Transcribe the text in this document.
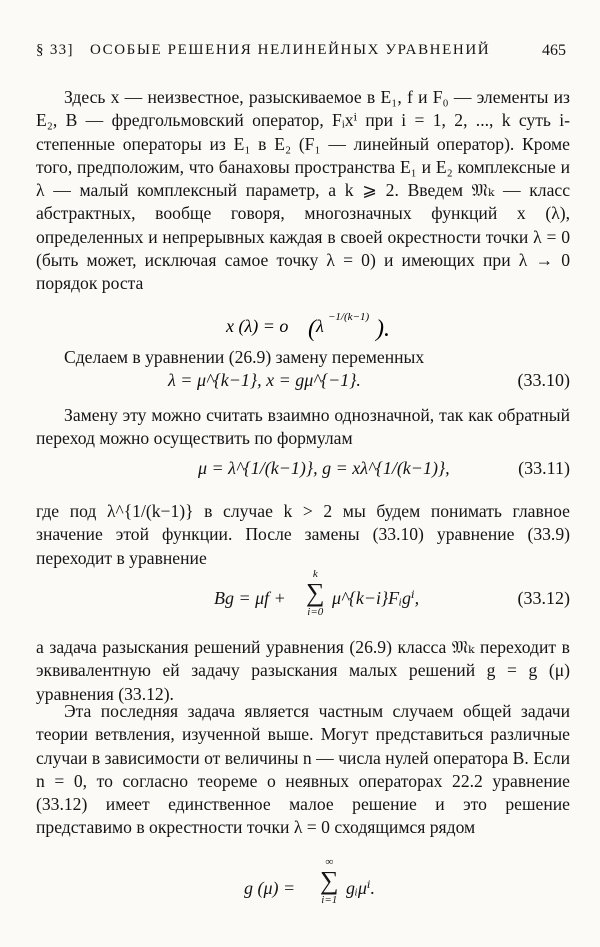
§ 33] ОСОБЫЕ РЕШЕНИЯ НЕЛИНЕЙНЫХ УРАВНЕНИЙ	465
Здесь x — неизвестное, разыскиваемое в E₁, f и F₀ — элементы из E₂, B — фредгольмовский оператор, Fᵢxⁱ при i = 1, 2, ..., k суть i-степенные операторы из E₁ в E₂ (F₁ — линейный оператор). Кроме того, предположим, что банаховы пространства E₁ и E₂ комплексные и λ — малый комплексный параметр, а k ⩾ 2. Введем 𝔐ₖ — класс абстрактных, вообще говоря, многозначных функций x (λ), определенных и непрерывных каждая в своей окрестности точки λ = 0 (быть может, исключая самое точку λ = 0) и имеющих при λ → 0 порядок роста
x (λ) = o ( λ −1/(k−1) ).
Сделаем в уравнении (26.9) замену переменных
λ = μ^{k−1}, x = gμ^{−1}.	(33.10)
Замену эту можно считать взаимно однозначной, так как обратный переход можно осуществить по формулам
μ = λ^{1/(k−1)}, g = xλ^{1/(k−1)},	(33.11)
где под λ^{1/(k−1)} в случае k > 2 мы будем понимать главное значение этой функции. После замены (33.10) уравнение (33.9) переходит в уравнение
Bg = μf +
k
∑
i=0
μ^{k−i}Fᵢgⁱ,	(33.12)
а задача разыскания решений уравнения (26.9) класса 𝔐ₖ переходит в эквивалентную ей задачу разыскания малых решений g = g (μ) уравнения (33.12).
Эта последняя задача является частным случаем общей задачи теории ветвления, изученной выше. Могут представиться различные случаи в зависимости от величины n — числа нулей оператора B. Если n = 0, то согласно теореме о неявных операторах 22.2 уравнение (33.12) имеет единственное малое решение и это решение представимо в окрестности точки λ = 0 сходящимся рядом
g (μ) =
∞
∑
i=1
gᵢμⁱ.
